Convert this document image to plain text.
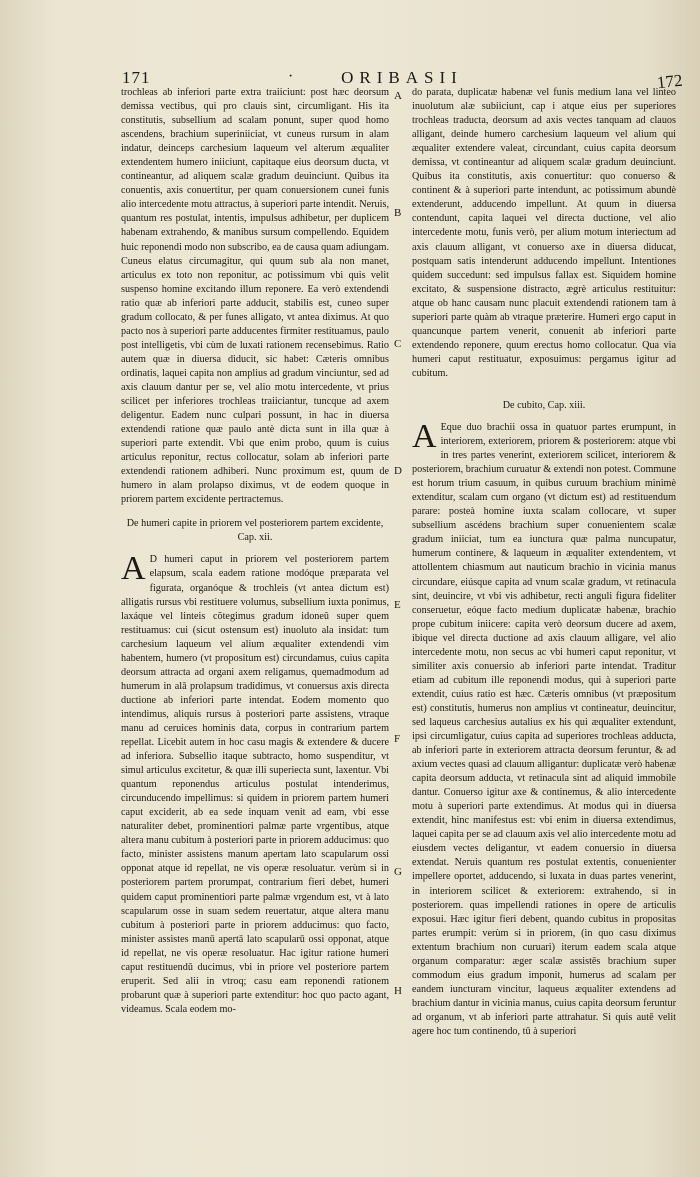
171	·	ORIBASII	172
A
B
C
D
E
F
G
H

trochleas ab inferiori parte extra traiiciunt: post hæc deorsum demissa vectibus, qui pro clauis sint, circumligant. His ita constitutis, subsellium ad scalam ponunt, super quod homo ascendens, brachium superiniiciat, vt cuneus rursum in alam indatur, deinceps carchesium laqueum vel alterum æqualiter extendentem humero iniiciunt, capitaque eius deorsum ducta, vt contineantur, ad aliquem scalæ gradum deuinciunt. Quibus ita conuentis, axis conuertitur, per quam conuersionem cunei funis alio intercedente motu attractus, à superiori parte intendit. Neruis, quantum res postulat, intentis, impulsus adhibetur, per duplicem habenam extrahendo, & manibus sursum compellendo. Equidem huic reponendi modo non subscribo, ea de causa quam adiungam. Cuneus elatus circumagitur, qui quum sub ala non manet, articulus ex toto non reponitur, ac potissimum vbi quis velit suspenso homine excitando illum reponere. Ea verò extendendi ratio quæ ab inferiori parte adducit, stabilis est, cuneo super gradum collocato, & per funes alligato, vt antea diximus. At quo pacto nos à superiori parte adducentes firmiter restituamus, paulo post intelligetis, vbi cùm de luxati rationem recensebimus. Ratio autem quæ in diuersa diducit, sic habet: Cæteris omnibus ordinatis, laquei capita non amplius ad gradum vinciuntur, sed ad axis clauum dantur per se, vel alio motu intercedente, vt prius scilicet per inferiores trochleas traiiciantur, tuncque ad axem deligentur. Eadem nunc culpari possunt, in hac in diuersa extendendi ratione quæ paulo antè dicta sunt in illa quæ à superiori parte extendit. Vbi que enim probo, quum is cuius articulus reponitur, rectus collocatur, solam ab inferiori parte extendendi rationem adhiberi. Nunc proximum est, quum de humero in alam prolapso diximus, vt de eodem quoque in priorem partem excidente pertractemus.

De humeri capite in priorem vel posteriorem partem excidente, Cap. xii.

A D humeri caput in priorem vel posteriorem partem elapsum, scala eadem ratione modóque præparata vel figurata, organóque & trochleis (vt antea dictum est) alligatis rursus vbi restituere volumus, subsellium iuxta ponimus, laxáque vel linteis cõtegimus gradum idoneû super quem restituamus: cui (sicut ostensum est) inuoluto ala insidat: tum carchesium laqueum vel alium æqualiter extendendi vim habentem, humero (vt propositum est) circundamus, cuius capita deorsum attracta ad organi axem religamus, quemadmodum ad humerum in alā prolapsum tradidimus, vt conuersus axis directa ductione ab inferiori parte intendat. Eodem momento quo intendimus, aliquis rursus à posteriori parte assistens, vtraque manu ad ceruices hominis data, corpus in contrarium partem repellat. Licebit autem in hoc casu magis & extendere & ducere ad inferiora. Subsellio itaque subtracto, homo suspenditur, vt simul articulus excitetur, & quæ illi superiecta sunt, laxentur. Vbi quantum reponendus articulus postulat intenderimus, circunducendo impellimus: si quidem in priorem partem humeri caput exciderit, ab ea sede inquam venit ad eam, vbi esse naturaliter debet, prominentiori palmæ parte vrgentibus, atque altera manu cubitum à posteriori parte in priorem adducimus: quo facto, minister assistens manum apertam lato scapularum ossi opponat atque id repellat, ne vis operæ resoluatur. verùm si in posteriorem partem prorumpat, contrarium fieri debet, humeri quidem caput prominentiori parte palmæ vrgendum est, vt à lato scapularum osse in suam sedem reuertatur, atque altera manu cubitum à posteriori parte in priorem adducimus: quo facto, minister assistes manū apertā lato scapularū ossi opponat, atque id repellat, ne vis operæ resoluatur. Hac igitur ratione humeri caput restituendū ducimus, vbi in priore vel posteriore partem eruperit. Sed alii in vtroq; casu eam reponendi rationem probarunt quæ à superiori parte extenditur: hoc quo pacto agant, videamus. Scala eodem mo-

do parata, duplicatæ habenæ vel funis medium lana vel linteo inuolutum alæ subiiciunt, cap i atque eius per superiores trochleas traducta, deorsum ad axis vectes tanquam ad clauos alligant, deinde humero carchesium laqueum vel alium qui æqualiter extendere valeat, circundant, cuius capita deorsum demissa, vt contineantur ad aliquem scalæ gradum deuinciunt. Quibus ita constitutis, axis conuertitur: quo conuerso & continent & à superiori parte intendunt, ac potissimum abundè extenderunt, adducendo impellunt. At quum in diuersa contendunt, capita laquei vel directa ductione, vel alio intercedente motu, funis verò, per alium motum interiectum ad axis clauum alligant, vt conuerso axe in diuersa diducat, postquam satis intenderunt adducendo impellunt. Intentiones quidem succedunt: sed impulsus fallax est. Siquidem homine excitato, & suspensione distracto, ægrè articulus restituitur: atque ob hanc causam nunc placuit extendendi rationem tam à superiori parte quàm ab vtraque præterire. Humeri ergo caput in quancunque partem venerit, conuenit ab inferiori parte extendendo reponere, quum erectus homo collocatur. Qua via humeri caput restituatur, exposuimus: pergamus igitur ad cubitum.

De cubito, Cap. xiii.

A Eque duo brachii ossa in quatuor partes erumpunt, in interiorem, exteriorem, priorem & posteriorem: atque vbi in tres partes venerint, exteriorem scilicet, interiorem & posteriorem, brachium curuatur & extendi non potest. Commune est horum trium casuum, in quibus curuum brachium minimè extenditur, scalam cum organo (vt dictum est) ad restituendum parare: posteà homine iuxta scalam collocare, vt super subsellium ascédens brachium super conuenientem scalæ gradum iniiciat, tum ea iunctura quæ palma nuncupatur, humerum continere, & laqueum in æqualiter extendentem, vt attollentem chiasmum aut nauticum brachio in vicinia manus circundare, eiúsque capita ad vnum scalæ gradum, vt retinacula sint, deuincire, vt vbi vis adhibetur, recti anguli figura fideliter conseruetur, eóque facto medium duplicatæ habenæ, brachio prope cubitum iniicere: capita verò deorsum ducere ad axem, ibique vel directa ductione ad axis clauum alligare, vel alio intercedente motu, non secus ac vbi humeri caput reponitur, vt similiter axis conuersio ab inferiori parte intendat. Traditur etiam ad cubitum ille reponendi modus, qui à superiori parte extendit, cuius ratio est hæc. Cæteris omnibus (vt præpositum est) constitutis, humerus non amplius vt contineatur, deuincitur, sed laqueus carchesius autalius ex his qui æqualiter extendunt, ipsi circumligatur, cuius capita ad superiores trochleas adducta, ab inferiori parte in exteriorem attracta deorsum feruntur, & ad axium vectes quasi ad clauum alligantur: duplicatæ verò habenæ capita deorsum adducta, vt retinacula sint ad aliquid immobile dantur. Conuerso igitur axe & continemus, & alio intercedente motu à superiori parte extendimus. At modus qui in diuersa extendit, hinc manifestus est: vbi enim in diuersa extendimus, laquei capita per se ad clauum axis vel alio intercedente motu ad eiusdem vectes deligantur, vt eadem conuersio in diuersa extendat. Neruis quantum res postulat extentis, conuenienter impellere oportet, adducendo, si luxata in duas partes venerint, in interiorem scilicet & exteriorem: extrahendo, si in posteriorem. quas impellendi rationes in opere de articulis exposui. Hæc igitur fieri debent, quando cubitus in propositas partes erumpit: verùm si in priorem, (in quo casu diximus extentum brachium non curuari) iterum eadem scala atque organum comparatur: æger scalæ assistēs brachium super commodum eius gradum imponit, humerus ad scalam per eandem iuncturam vincitur, laqueus æqualiter extendens ad brachium dantur in vicinia manus, cuius capita deorsum feruntur ad organum, vt ab inferiori parte attrahatur. Si quis autē velit agere hoc tum continendo, tū à superiori
